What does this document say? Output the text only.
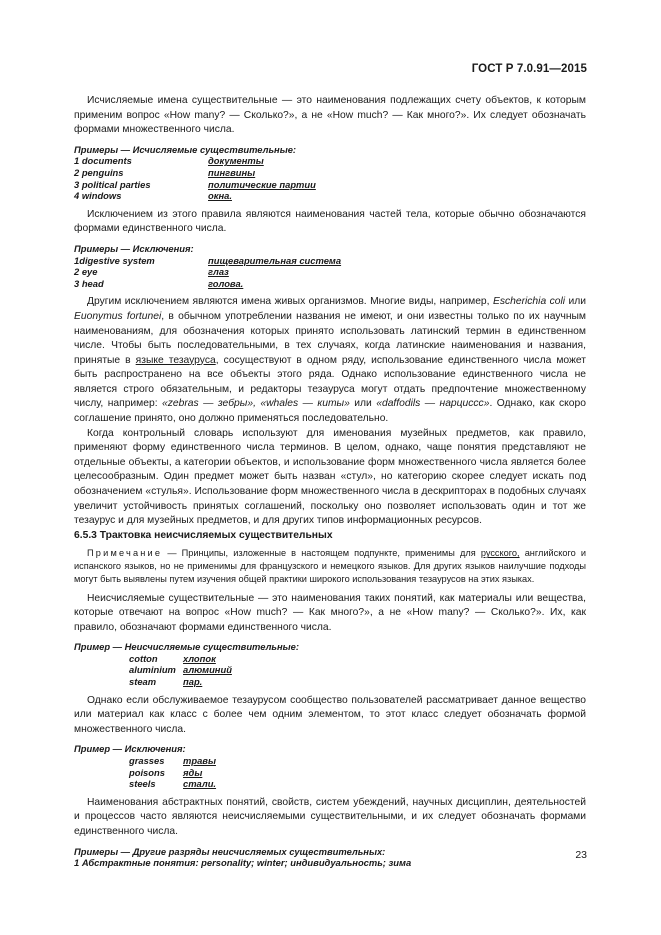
ГОСТ Р 7.0.91—2015

Исчисляемые имена существительные — это наименования подлежащих счету объектов, к которым применим вопрос «How many? — Сколько?», а не «How much? — Как много?». Их следует обозначать формами множественного числа.

Примеры — Исчисляемые существительные:
1 documents	документы
2 penguins	пингвины
3 political parties	политические партии
4 windows	окна.

Исключением из этого правила являются наименования частей тела, которые обычно обозначаются формами единственного числа.

Примеры — Исключения:
1digestive system	пищеварительная система
2 eye	глаз
3 head	голова.

Другим исключением являются имена живых организмов. Многие виды, например, Escherichia coli или Euonymus fortunei, в обычном употреблении названия не имеют, и они известны только по их научным наименованиям, для обозначения которых принято использовать латинский термин в единственном числе. Чтобы быть последовательными, в тех случаях, когда латинские наименования и названия, принятые в языке тезауруса, сосуществуют в одном ряду, использование единственного числа может быть распространено на все объекты этого ряда. Однако использование единственного числа не является строго обязательным, и редакторы тезауруса могут отдать предпочтение множественному числу, например: «zebras — зебры», «whales — киты» или «daffodils — нарциссс». Однако, как скоро соглашение принято, оно должно применяться последовательно.

Когда контрольный словарь используют для именования музейных предметов, как правило, применяют форму единственного числа терминов. В целом, однако, чаще понятия представляют не отдельные объекты, а категории объектов, и использование форм множественного числа является более целесообразным. Один предмет может быть назван «стул», но категорию скорее следует искать под обозначением «стулья». Использование форм множественного числа в дескрипторах в подобных случаях увеличит устойчивость принятых соглашений, поскольку оно позволяет использовать один и тот же тезаурус и для музейных предметов, и для других типов информационных ресурсов.

6.5.3 Трактовка неисчисляемых существительных

Примечание — Принципы, изложенные в настоящем подпункте, применимы для русского, английского и испанского языков, но не применимы для французского и немецкого языков. Для других языков наилучшие подходы могут быть выявлены путем изучения общей практики широкого использования тезаурусов на этих языках.

Неисчисляемые существительные — это наименования таких понятий, как материалы или вещества, которые отвечают на вопрос «How much? — Как много?», а не «How many? — Сколько?». Их, как правило, обозначают формами единственного числа.

Пример — Неисчисляемые существительные:
cotton	хлопок
aluminium алюминий
steam	пар.

Однако если обслуживаемое тезаурусом сообщество пользователей рассматривает данное вещество или материал как класс с более чем одним элементом, то этот класс следует обозначать формой множественного числа.

Пример — Исключения:
grasses	травы
poisons	яды
steels	стали.

Наименования абстрактных понятий, свойств, систем убеждений, научных дисциплин, деятельностей и процессов часто являются неисчисляемыми существительными, и их следует обозначать формами единственного числа.

Примеры — Другие разряды неисчисляемых существительных:
1 Абстрактные понятия: personality; winter; индивидуальность; зима
23
